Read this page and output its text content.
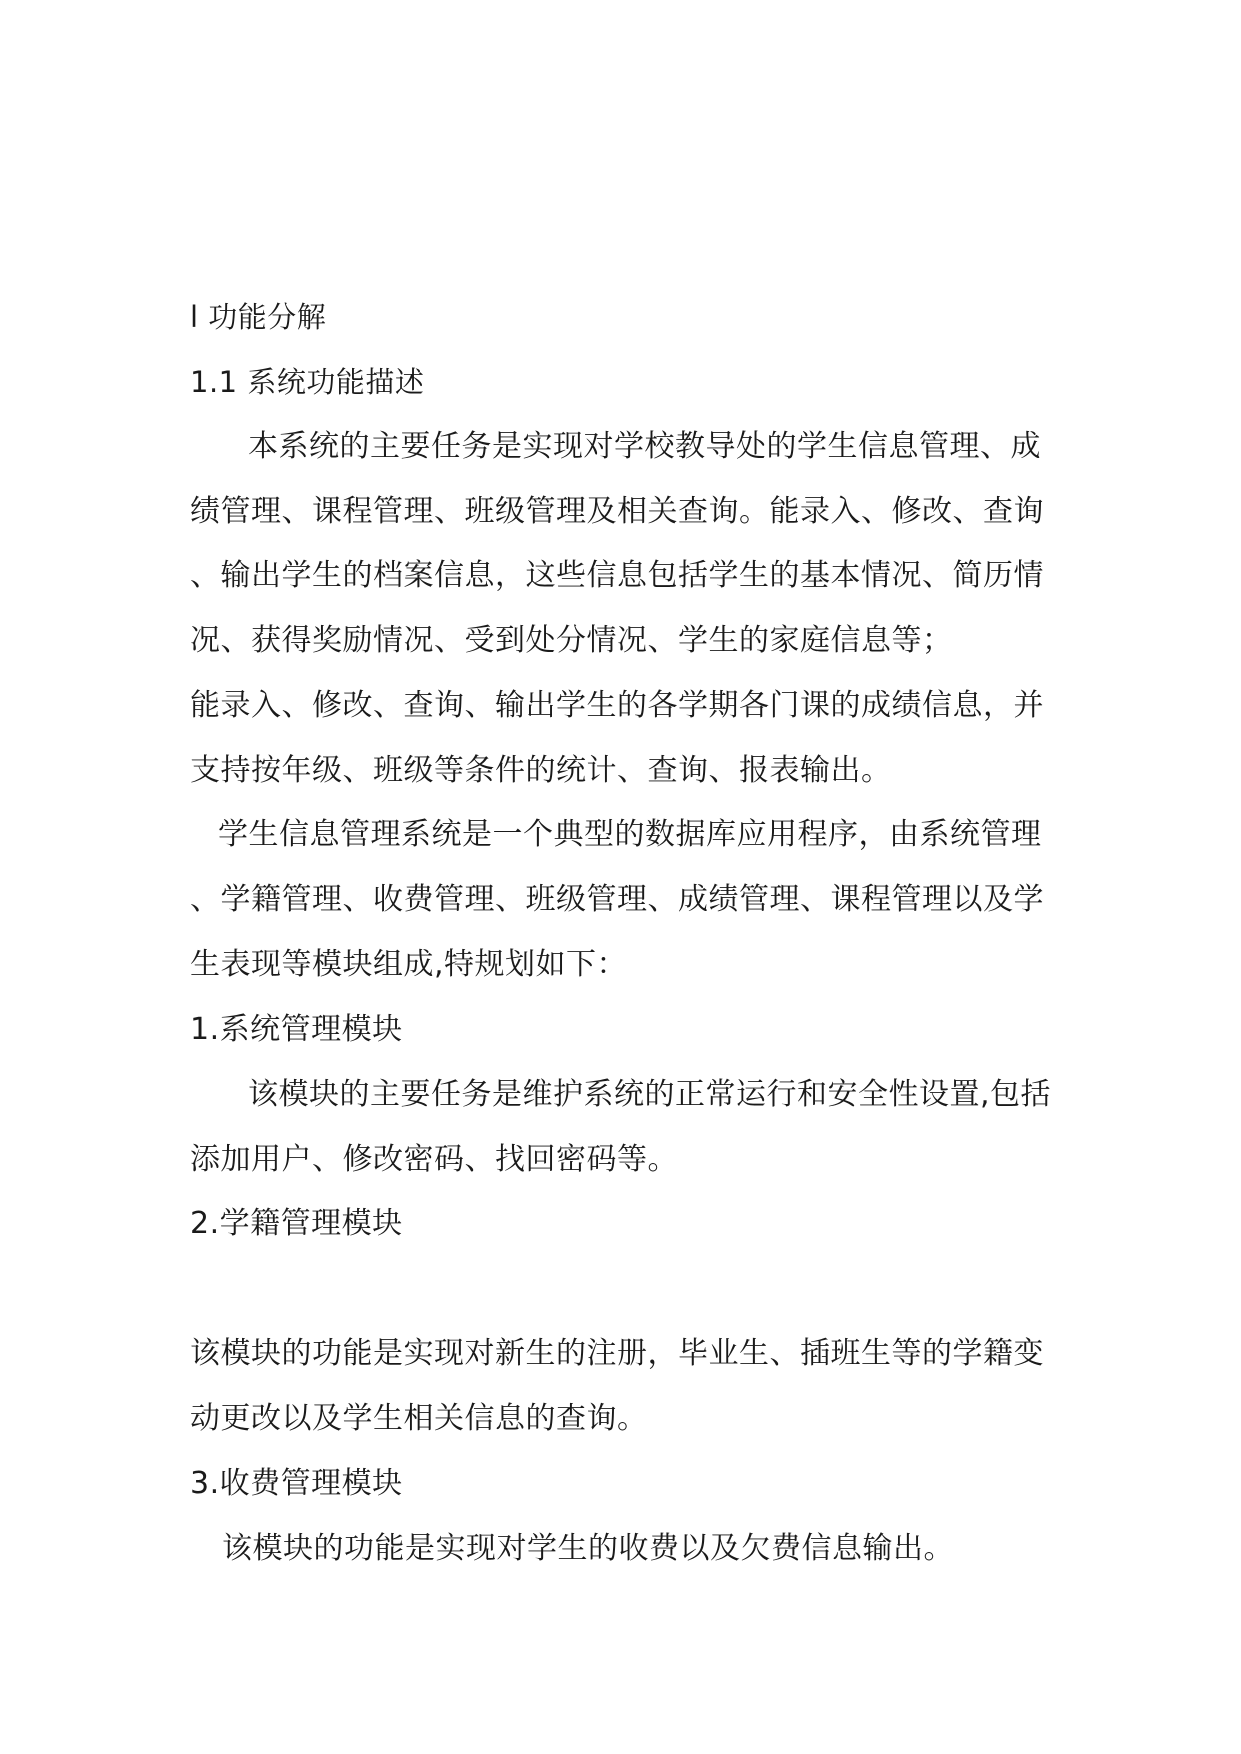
l 功能分解
1.1 系统功能描述
本系统的主要任务是实现对学校教导处的学生信息管理、成
绩管理、课程管理、班级管理及相关查询。能录入、修改、查询
、输出学生的档案信息，这些信息包括学生的基本情况、简历情
况、获得奖励情况、受到处分情况、学生的家庭信息等；
能录入、修改、查询、输出学生的各学期各门课的成绩信息，并
支持按年级、班级等条件的统计、查询、报表输出。
学生信息管理系统是一个典型的数据库应用程序，由系统管理
、学籍管理、收费管理、班级管理、成绩管理、课程管理以及学
生表现等模块组成,特规划如下：
1.系统管理模块
该模块的主要任务是维护系统的正常运行和安全性设置,包括
添加用户、修改密码、找回密码等。
2.学籍管理模块
该模块的功能是实现对新生的注册，毕业生、插班生等的学籍变
动更改以及学生相关信息的查询。
3.收费管理模块
该模块的功能是实现对学生的收费以及欠费信息输出。
